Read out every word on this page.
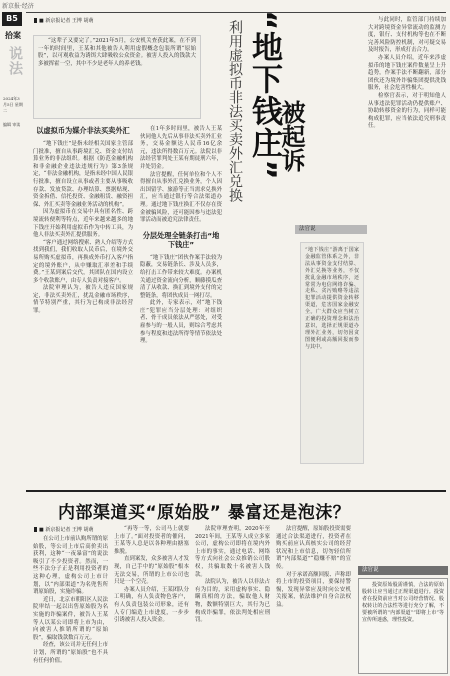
新京报·经济
B5
拾案
说法
2024年3月5日 星期二
编辑 审读
■ 新京报记者 王博 胡萌

“这辈子又要完了。”2021年5月，公安机关查获此案，在不到一年的时间里，王某和其他被告人利用虚假概念包装所谓“原始股”，以可观收益为诱饵大肆吸收公众资金。被害人投入的钱款大多被挥霍一空，其中不少是老年人的养老钱。

以虚拟币为媒介非法买卖外汇

“地下钱庄”是指未经相关国家主管部门批准，擅自从事跨境汇兑、资金支付结算业务的非法组织。根据《防范金融机构和非金融企业违法违规行为》第3条规定，“非法金融机构，是指未经中国人民银行批准，擅自设立从事或者主要从事吸收存款、发放贷款、办理结算、票据贴现、资金拆借、信托投资、金融租赁、融资担保、外汇买卖等金融业务活动的机构”。

因为虚拟币在交易中具有匿名性、跨境流转便利等特点，近年来越来越多的地下钱庄开始利用虚拟币作为中转工具，为他人非法买卖外汇提供服务。

“客户通过网络搜索、熟人介绍等方式找到我们，我们收取人民币后，在境外交易所购买虚拟币，再换成外币打入客户指定的境外账户，从中赚取汇率差和手续费。”王某到案后交代，其团队在国内设立多个收款账户，由专人负责对接客户。

法院审理认为，被告人违反国家规定，非法买卖外汇，扰乱金融市场秩序，情节特别严重，其行为已构成非法经营罪。

在1年多时间里，被告人王某伙同他人先后从事非法买卖外汇业务，交易金额达人民币16亿余元，违法所得数百万元。法院以非法经营罪判处王某有期徒刑六年，并处罚金。

法官提醒，任何单位和个人不得擅自从事外汇兑换业务，个人因出国留学、旅游等正当需求兑换外汇，应当通过银行等合法渠道办理。通过地下钱庄换汇不仅存在资金被骗风险，还可能因参与违法犯罪活动而被追究法律责任。

分层处理全链条打击“地下钱庄”

“地下钱庄”团伙作案手法较为隐蔽，交易链条长、涉及人员多，给打击工作带来较大难度。办案机关通过资金流向分析，顺藤摸瓜查清了从收款、换汇到境外支付的完整链条，将团伙成员一网打尽。

此外，专家表示，对“地下钱庄”犯罪应当分层处理：对组织者、骨干成员依法从严惩处，对受雇参与的一般人员，则综合考虑其参与程度和违法所得等情节依法处理。

“地下钱庄”
利用虚拟币非法买卖外汇兑换 被起诉
法官说

“地下钱庄”游离于国家金融监管体系之外，非法从事资金支付结算、外汇兑换等业务，不仅扰乱金融市场秩序，还常常为电信网络诈骗、走私、贪污贿赂等违法犯罪活动提供资金转移渠道，危害国家金融安全。广大群众应当树立正确的投资理念和法治意识，选择正规渠道办理外汇业务，切勿因贪图便利或高额回报而参与其中。

与此同时，监管部门持续加大对跨境资金异常流动的监测力度，银行、支付机构等也在不断完善风险防控机制，对可疑交易及时报告，形成打击合力。

办案人员介绍，近年来涉虚拟币的地下钱庄案件数量呈上升趋势，作案手法不断翻新，部分团伙还为境外诈骗集团提供洗钱服务，社会危害性极大。

检察官表示，对于明知他人从事违法犯罪活动仍提供账户、协助转移资金的行为，同样可能构成犯罪，应当依法追究刑事责任。

内部渠道买“原始股” 暴富还是泡沫？
■ 新京报记者 王博 胡萌

在公司上市前认购所谓的原始股，等公司上市后高价卖出获利，这种“一夜暴富”的说法吸引了不少投资者。然而，一些不法分子正是利用投资者的这种心理，虚构公司上市计划，以“内部渠道”为名兜售所谓原始股，实施诈骗。

近日，北京市朝阳区人民法院审结一起以出售原始股为名实施的诈骗案件，被告人王某等人以某公司即将上市为由，向被害人推销所谓的“原始股”，骗取钱款数百万元。

经查，该公司并无任何上市计划，所谓的“原始股”也不具有任何价值。

“再等一等，公司马上就要上市了。”面对投资者的催问，王某等人总是以各种理由搪塞推脱。

直到案发，众多被害人才发现，自己手中的“原始股”根本无法交易，所谓的上市公司也只是一个空壳。

办案人员介绍，王某团队分工明确，有人负责物色客户，有人负责包装公司形象，还有人专门编造上市进度，一步步引诱被害人投入资金。

法院审理查明，2020年至2021年间，王某等人成立多家公司，虚构公司即将在境内外上市的事实，通过电话、网络等方式向社会公众推销公司股权，共骗取数十名被害人钱款。

法院认为，被告人以非法占有为目的，采用虚构事实、隐瞒真相的方法，骗取他人财物，数额特别巨大，其行为已构成诈骗罪，依法判处相应刑罚。

法官提醒，原始股投资需要通过合法渠道进行，投资者在购买前应认真核实公司的经营状况和上市信息，切勿轻信所谓“内部渠道”“稳赚不赔”的宣传。

对于承诺高额回报、声称即将上市的投资项目，要保持警惕，发现异常应及时向公安机关报案，依法维护自身合法权益。

法官说

投资原始股需谨慎，合法的原始股转让应当通过正规渠道进行。投资者在投资前应当对公司经营情况、股权转让的合法性等进行充分了解，不要被所谓的“内部渠道”“即将上市”等宣传所迷惑，理性投资。
